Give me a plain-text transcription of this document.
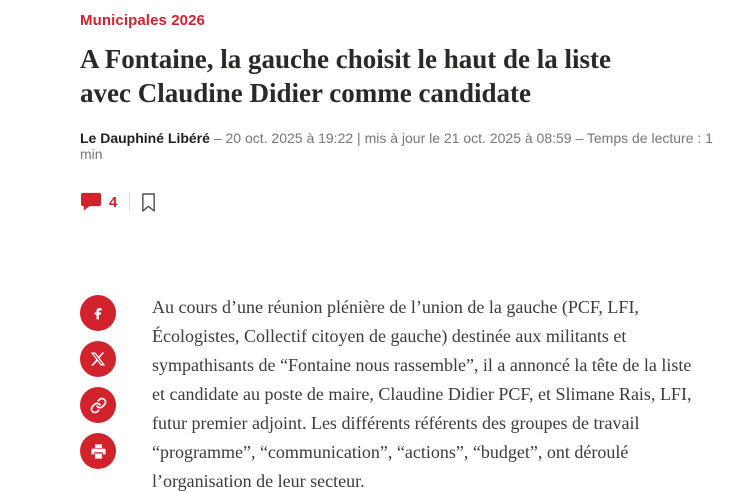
Municipales 2026
A Fontaine, la gauche choisit le haut de la liste avec Claudine Didier comme candidate
Le Dauphiné Libéré – 20 oct. 2025 à 19:22 | mis à jour le 21 oct. 2025 à 08:59 – Temps de lecture : 1 min
4

Au cours d’une réunion plénière de l’union de la gauche (PCF, LFI, Écologistes, Collectif citoyen de gauche) destinée aux militants et sympathisants de “Fontaine nous rassemble”, il a annoncé la tête de la liste et candidate au poste de maire, Claudine Didier PCF, et Slimane Rais, LFI, futur premier adjoint. Les différents référents des groupes de travail “programme”, “communication”, “actions”, “budget”, ont déroulé l’organisation de leur secteur.
